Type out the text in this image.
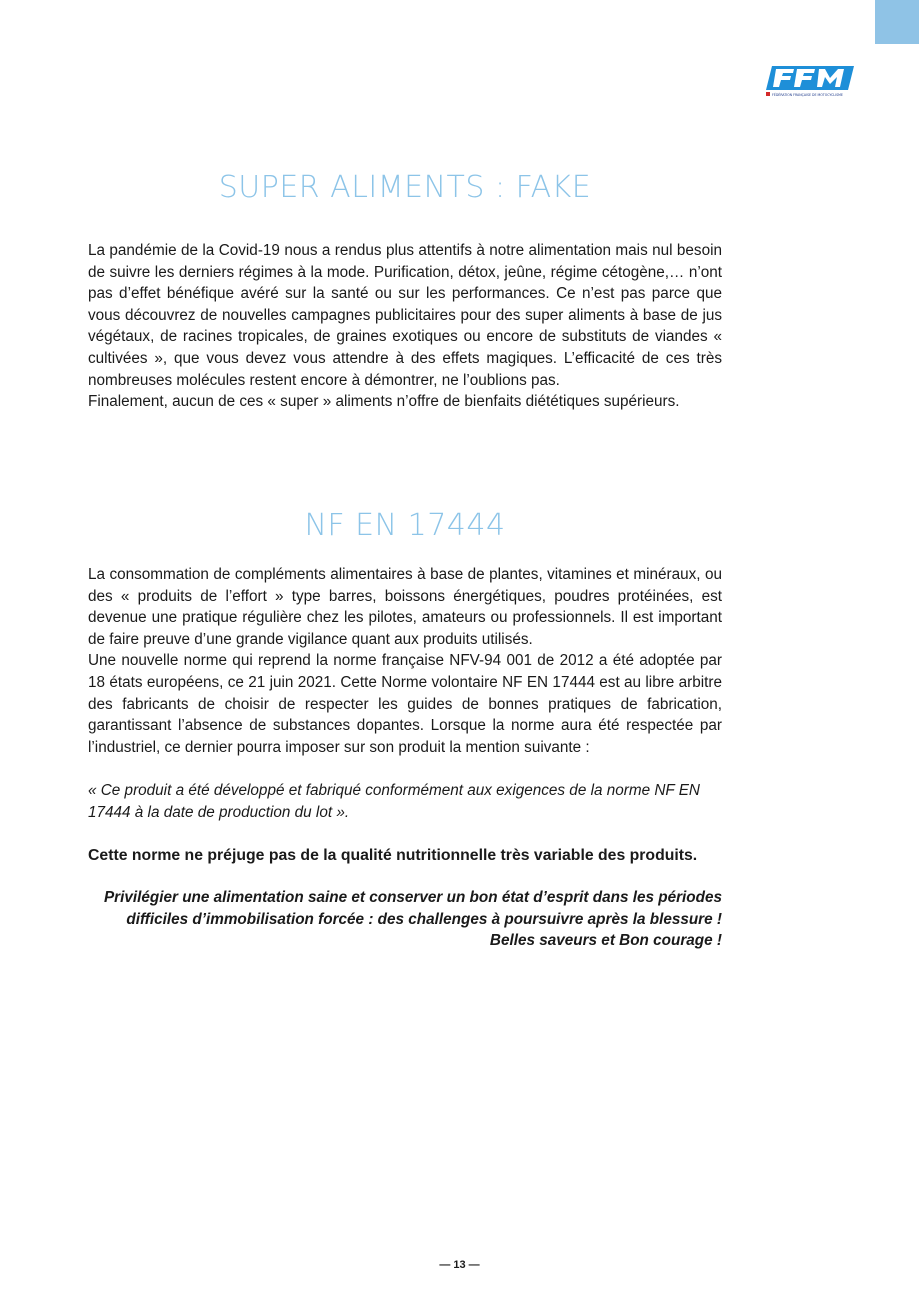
FÉDÉRATION FRANÇAISE DE MOTOCYCLISME
SUPER ALIMENTS : FAKE

La pandémie de la Covid-19 nous a rendus plus attentifs à notre alimentation mais nul besoin de suivre les derniers régimes à la mode. Purification, détox, jeûne, régime cétogène,… n’ont pas d’effet bénéfique avéré sur la santé ou sur les performances. Ce n’est pas parce que vous découvrez de nouvelles campagnes publicitaires pour des super aliments à base de jus végétaux, de racines tropicales, de graines exotiques ou encore de substituts de viandes « cultivées », que vous devez vous attendre à des effets magiques. L’efficacité de ces très nombreuses molécules restent encore à démontrer, ne l’oublions pas.

Finalement, aucun de ces « super » aliments n’offre de bienfaits diététiques supérieurs.

NF EN 17444

La consommation de compléments alimentaires à base de plantes, vitamines et minéraux, ou des « produits de l’effort » type barres, boissons énergétiques, poudres protéinées, est devenue une pratique régulière chez les pilotes, amateurs ou professionnels. Il est important de faire preuve d’une grande vigilance quant aux produits utilisés.

Une nouvelle norme qui reprend la norme française NFV-94 001 de 2012 a été adoptée par 18 états européens, ce 21 juin 2021. Cette Norme volontaire NF EN 17444 est au libre arbitre des fabricants de choisir de respecter les guides de bonnes pratiques de fabrication, garantissant l’absence de substances dopantes. Lorsque la norme aura été respectée par l’industriel, ce dernier pourra imposer sur son produit la mention suivante :

« Ce produit a été développé et fabriqué conformément aux exigences de la norme NF EN 17444 à la date de production du lot ».

Cette norme ne préjuge pas de la qualité nutritionnelle très variable des produits.

Privilégier une alimentation saine et conserver un bon état d’esprit dans les périodes difficiles d’immobilisation forcée : des challenges à poursuivre après la blessure !

Belles saveurs et Bon courage !

— 13 —
